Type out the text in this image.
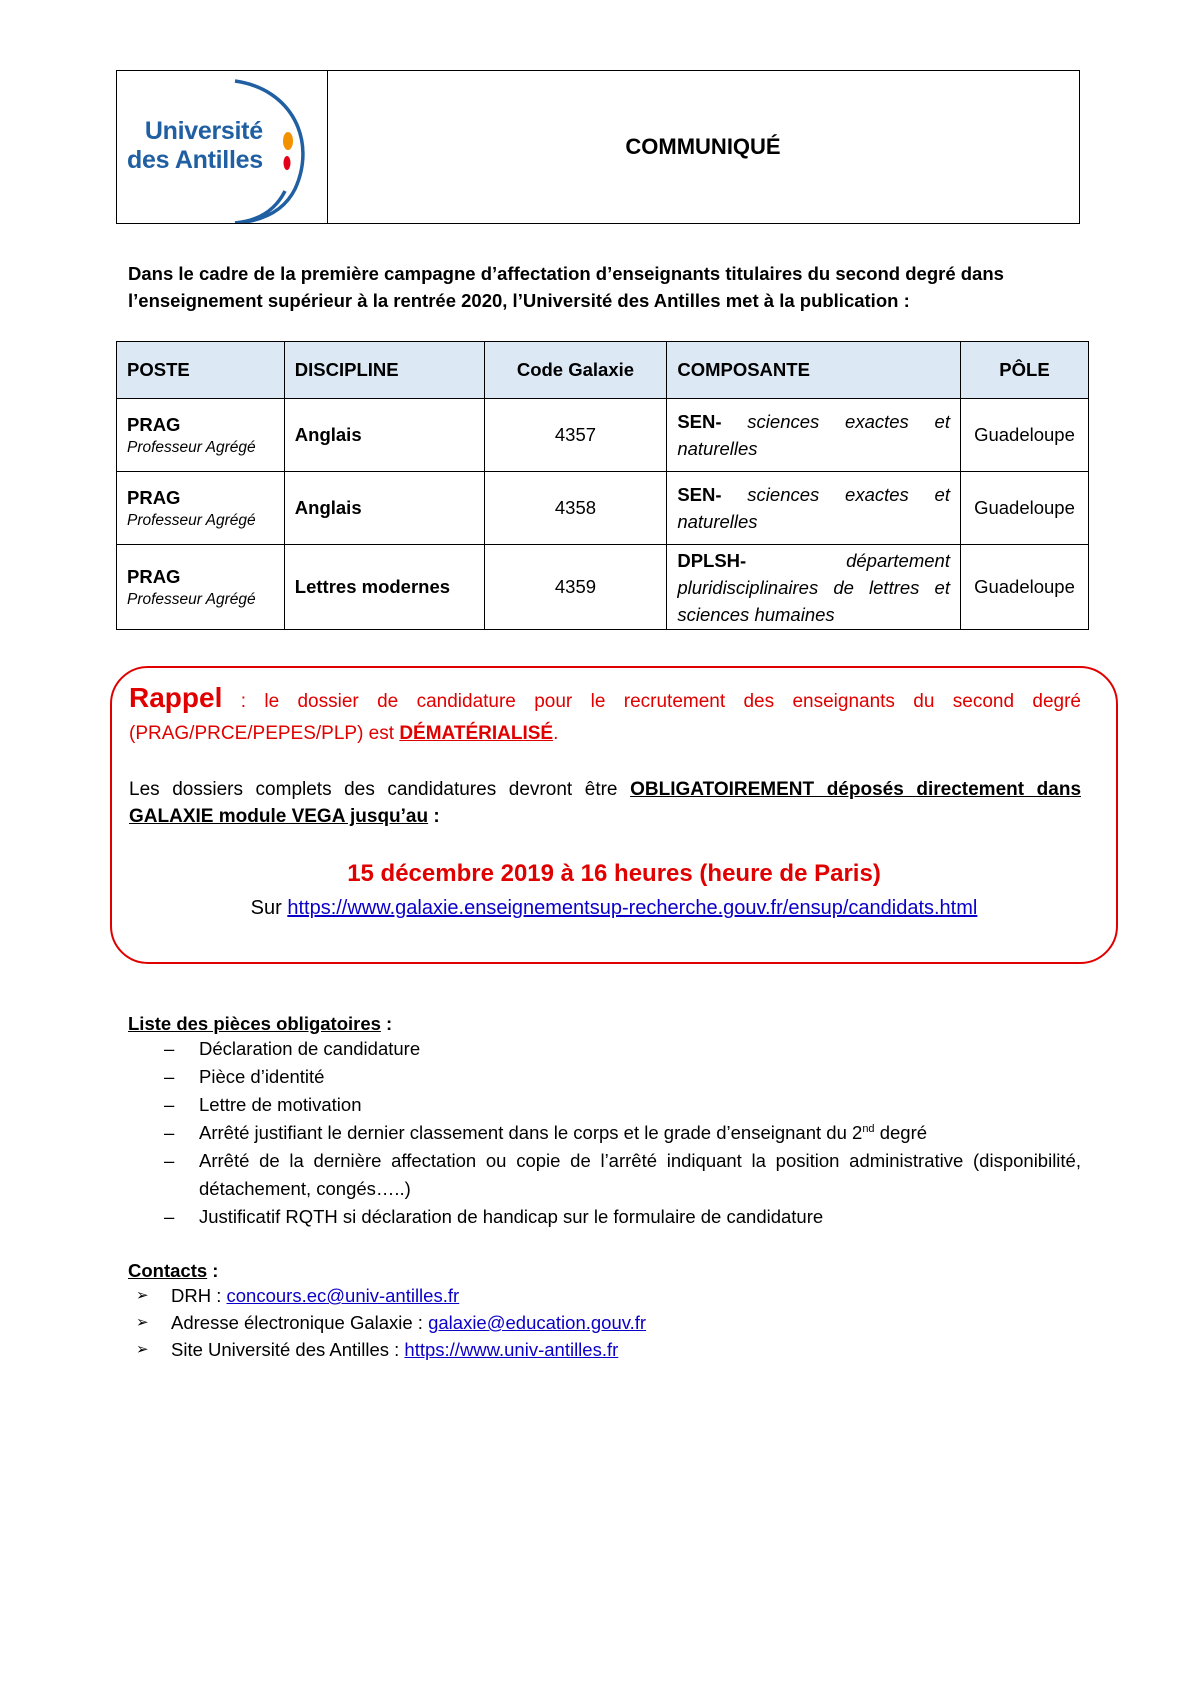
Université
des Antilles	COMMUNIQUÉ
Dans le cadre de la première campagne d’affectation d’enseignants titulaires du second degré dans l’enseignement supérieur à la rentrée 2020, l’Université des Antilles met à la publication :
POSTE	DISCIPLINE	Code Galaxie	COMPOSANTE	PÔLE

PRAG
Professeur Agrégé	Anglais	4357	SEN- sciences exactes et naturelles	Guadeloupe

PRAG
Professeur Agrégé	Anglais	4358	SEN- sciences exactes et naturelles	Guadeloupe

PRAG
Professeur Agrégé	Lettres modernes	4359	DPLSH- département pluridisciplinaires de lettres et sciences humaines	Guadeloupe
Rappel : le dossier de candidature pour le recrutement des enseignants du second degré (PRAG/PRCE/PEPES/PLP) est DÉMATÉRIALISÉ.
Les dossiers complets des candidatures devront être OBLIGATOIREMENT déposés directement dans GALAXIE module VEGA jusqu’au :
15 décembre 2019 à 16 heures (heure de Paris)
Sur https://www.galaxie.enseignementsup-recherche.gouv.fr/ensup/candidats.html
Liste des pièces obligatoires :
– Déclaration de candidature
– Pièce d’identité
– Lettre de motivation
– Arrêté justifiant le dernier classement dans le corps et le grade d’enseignant du 2nd degré
– Arrêté de la dernière affectation ou copie de l’arrêté indiquant la position administrative (disponibilité, détachement, congés…..)
– Justificatif RQTH si déclaration de handicap sur le formulaire de candidature
Contacts :
➢ DRH : concours.ec@univ-antilles.fr
➢ Adresse électronique Galaxie : galaxie@education.gouv.fr
➢ Site Université des Antilles : https://www.univ-antilles.fr
